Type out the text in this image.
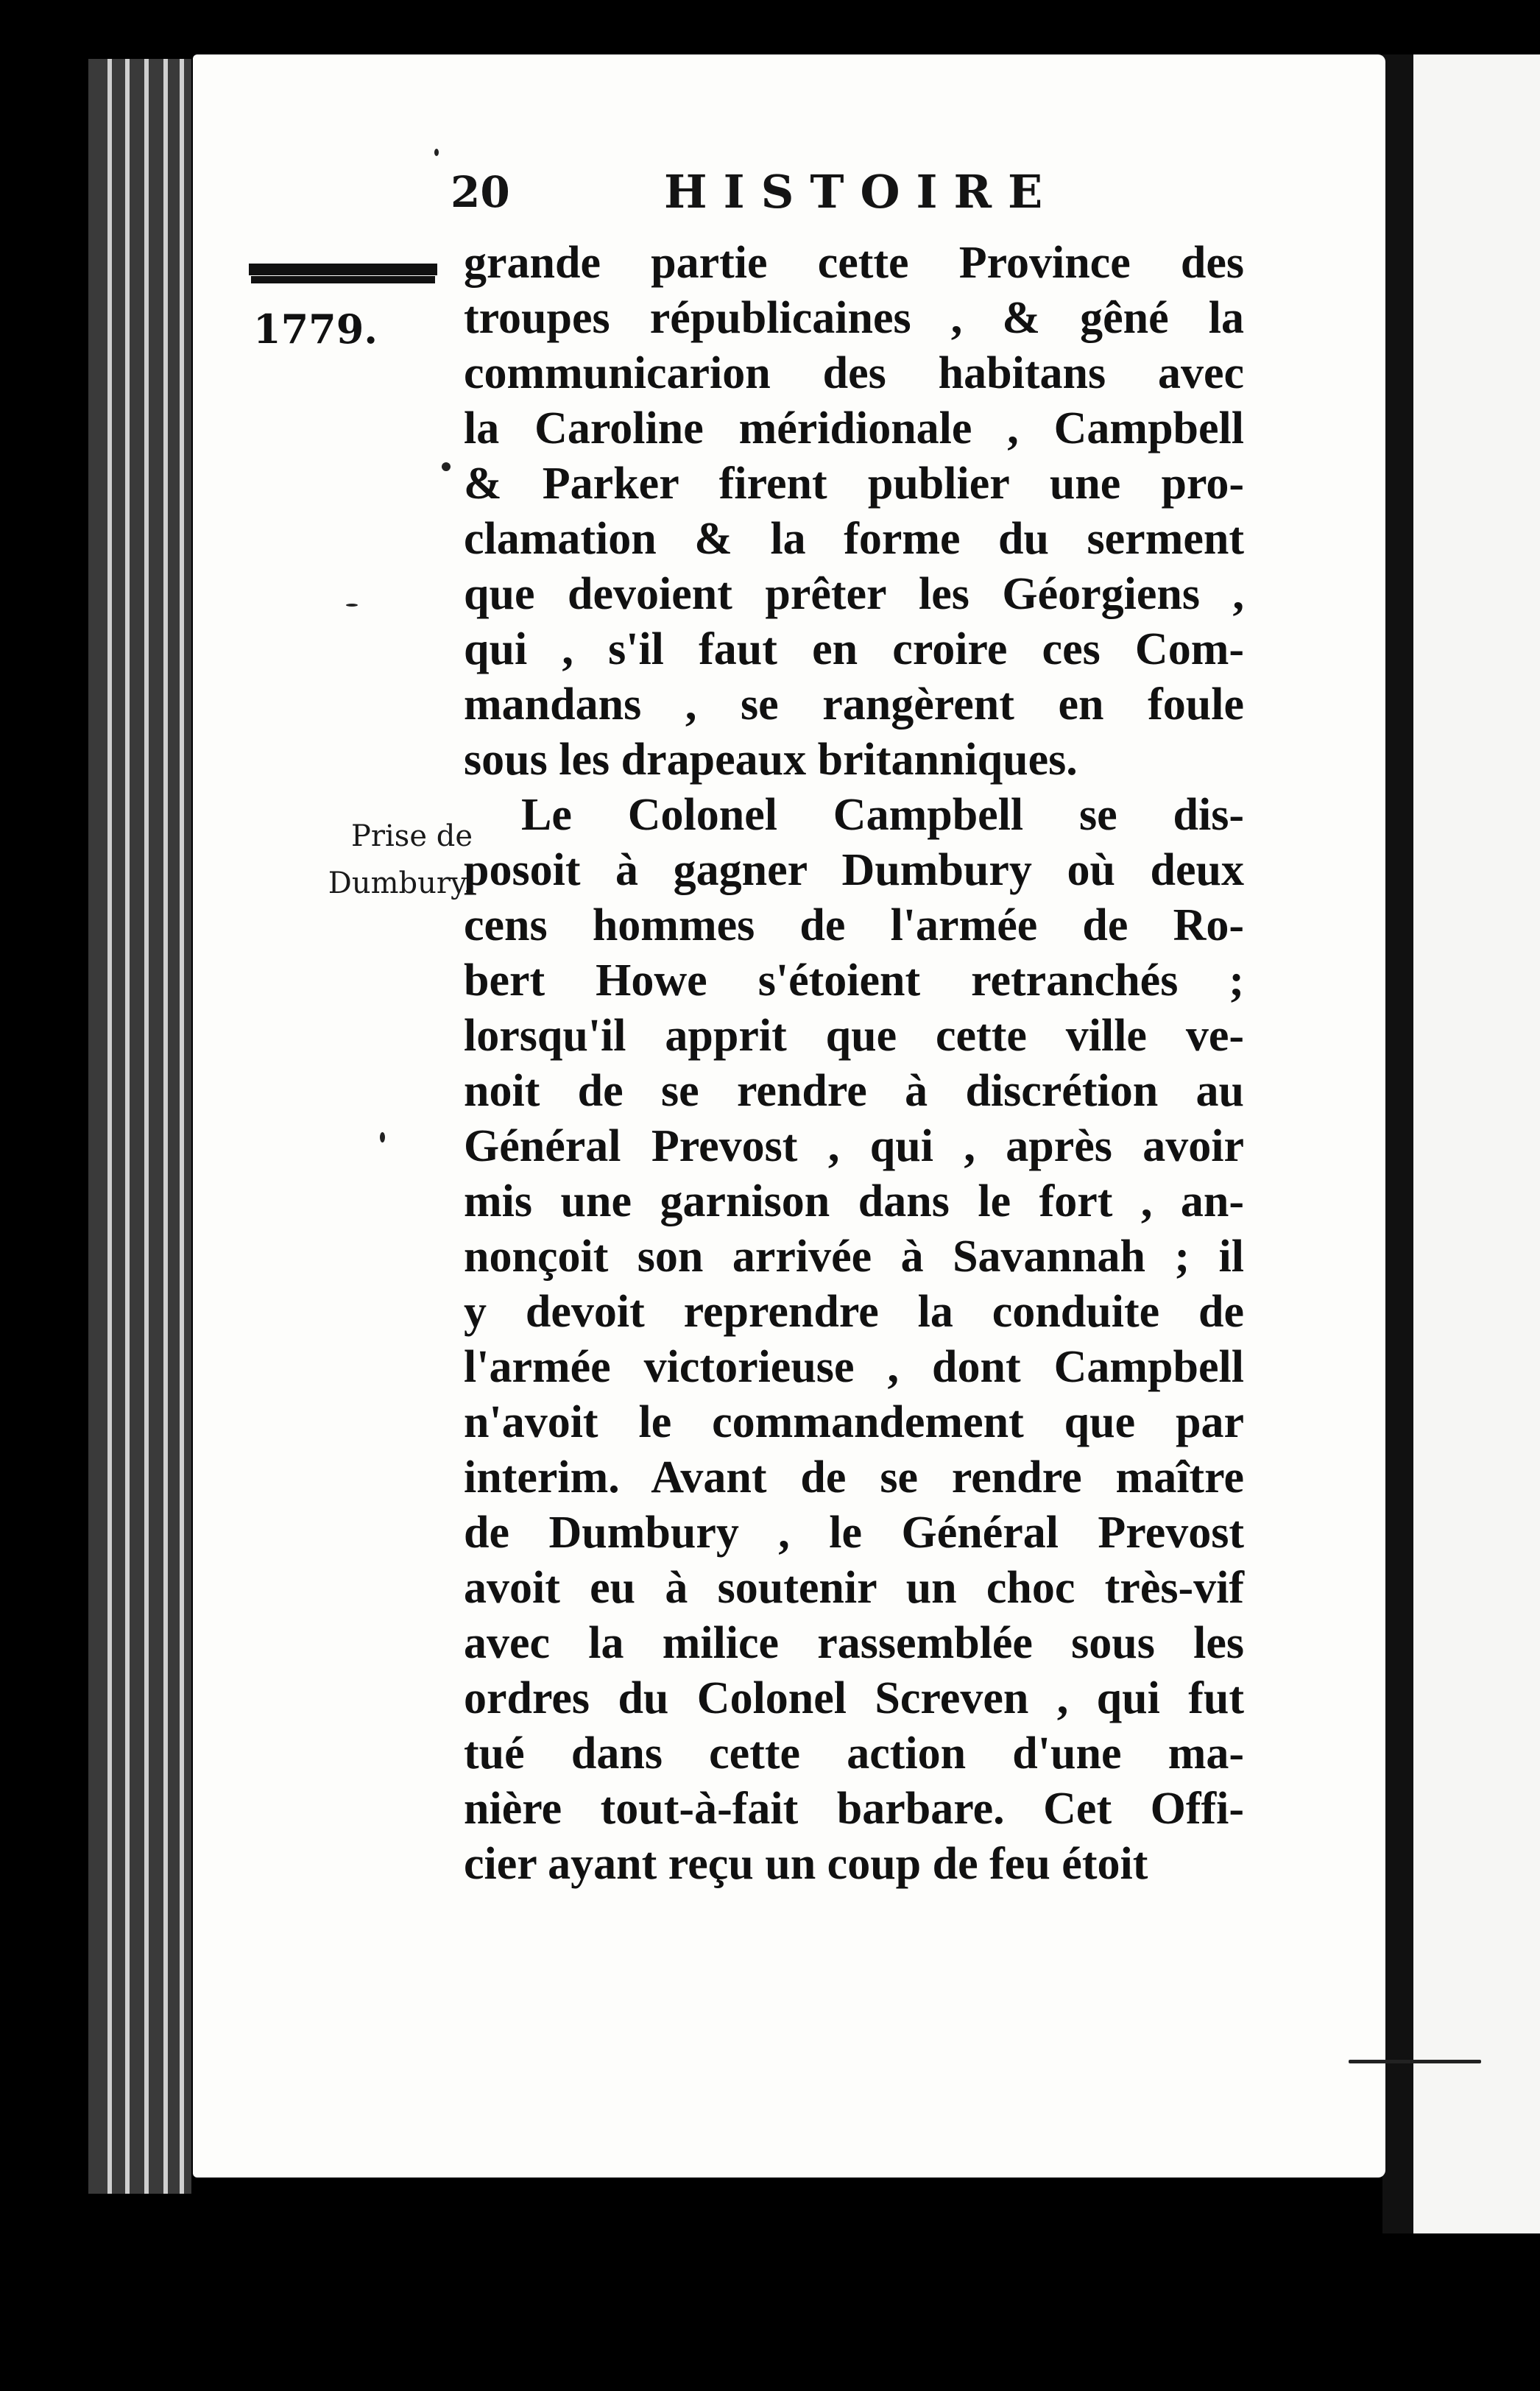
20	HISTOIRE
1779.
Prise de
Dumbury.
grande partie cette Province des
troupes républicaines , & gêné la
communicarion des habitans avec
la Caroline méridionale , Campbell
& Parker firent publier une pro-
clamation & la forme du serment
que devoient prêter les Géorgiens ,
qui , s'il faut en croire ces Com-
mandans , se rangèrent en foule
sous les drapeaux britanniques.
Le Colonel Campbell se dis-
posoit à gagner Dumbury où deux
cens hommes de l'armée de Ro-
bert Howe s'étoient retranchés ;
lorsqu'il apprit que cette ville ve-
noit de se rendre à discrétion au
Général Prevost , qui , après avoir
mis une garnison dans le fort , an-
nonçoit son arrivée à Savannah ; il
y devoit reprendre la conduite de
l'armée victorieuse , dont Campbell
n'avoit le commandement que par
interim. Avant de se rendre maître
de Dumbury , le Général Prevost
avoit eu à soutenir un choc très-vif
avec la milice rassemblée sous les
ordres du Colonel Screven , qui fut
tué dans cette action d'une ma-
nière tout-à-fait barbare. Cet Offi-
cier ayant reçu un coup de feu étoit
